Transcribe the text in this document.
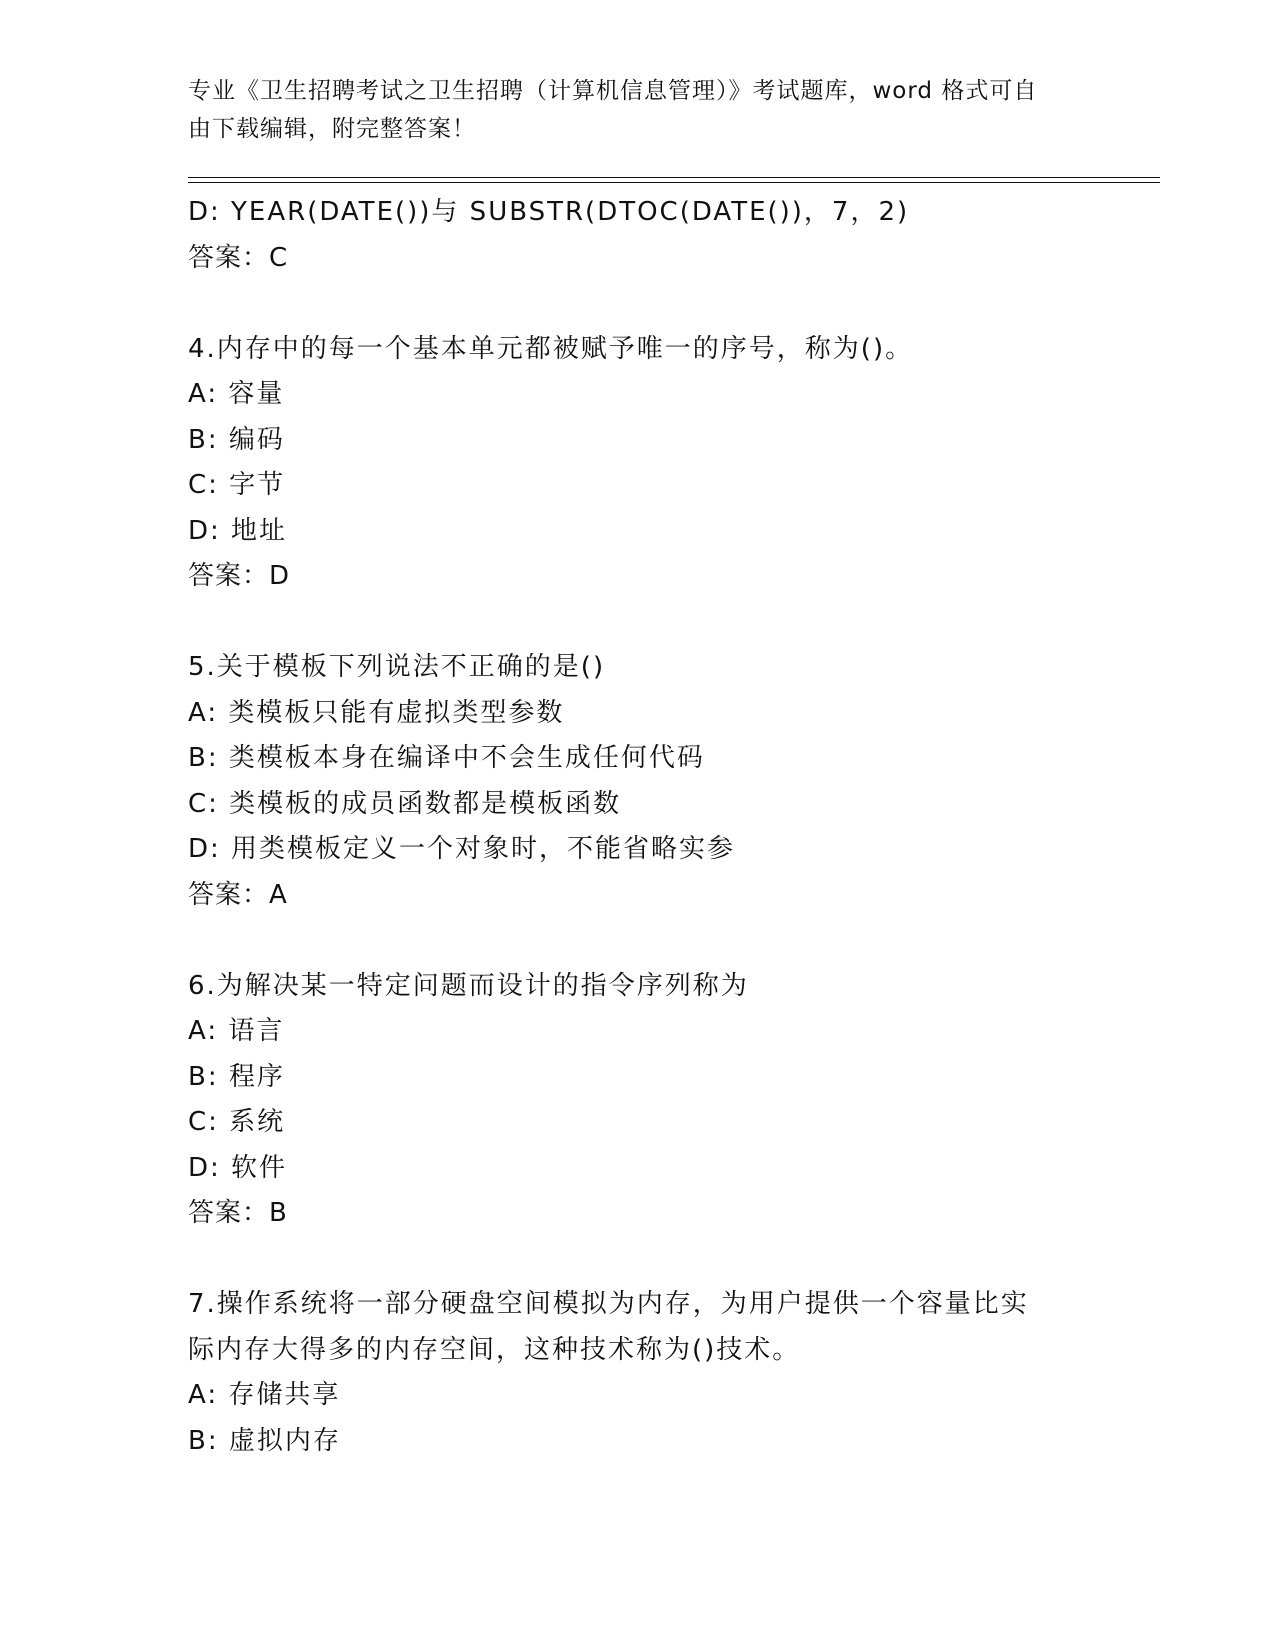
专业《卫生招聘考试之卫生招聘（计算机信息管理）》考试题库，word 格式可自
由下载编辑，附完整答案！
D: YEAR(DATE())与 SUBSTR(DTOC(DATE())，7，2)
答案：C
4.内存中的每一个基本单元都被赋予唯一的序号，称为()。
A: 容量
B: 编码
C: 字节
D: 地址
答案：D
5.关于模板下列说法不正确的是()
A: 类模板只能有虚拟类型参数
B: 类模板本身在编译中不会生成任何代码
C: 类模板的成员函数都是模板函数
D: 用类模板定义一个对象时，不能省略实参
答案：A
6.为解决某一特定问题而设计的指令序列称为
A: 语言
B: 程序
C: 系统
D: 软件
答案：B
7.操作系统将一部分硬盘空间模拟为内存，为用户提供一个容量比实
际内存大得多的内存空间，这种技术称为()技术。
A: 存储共享
B: 虚拟内存
